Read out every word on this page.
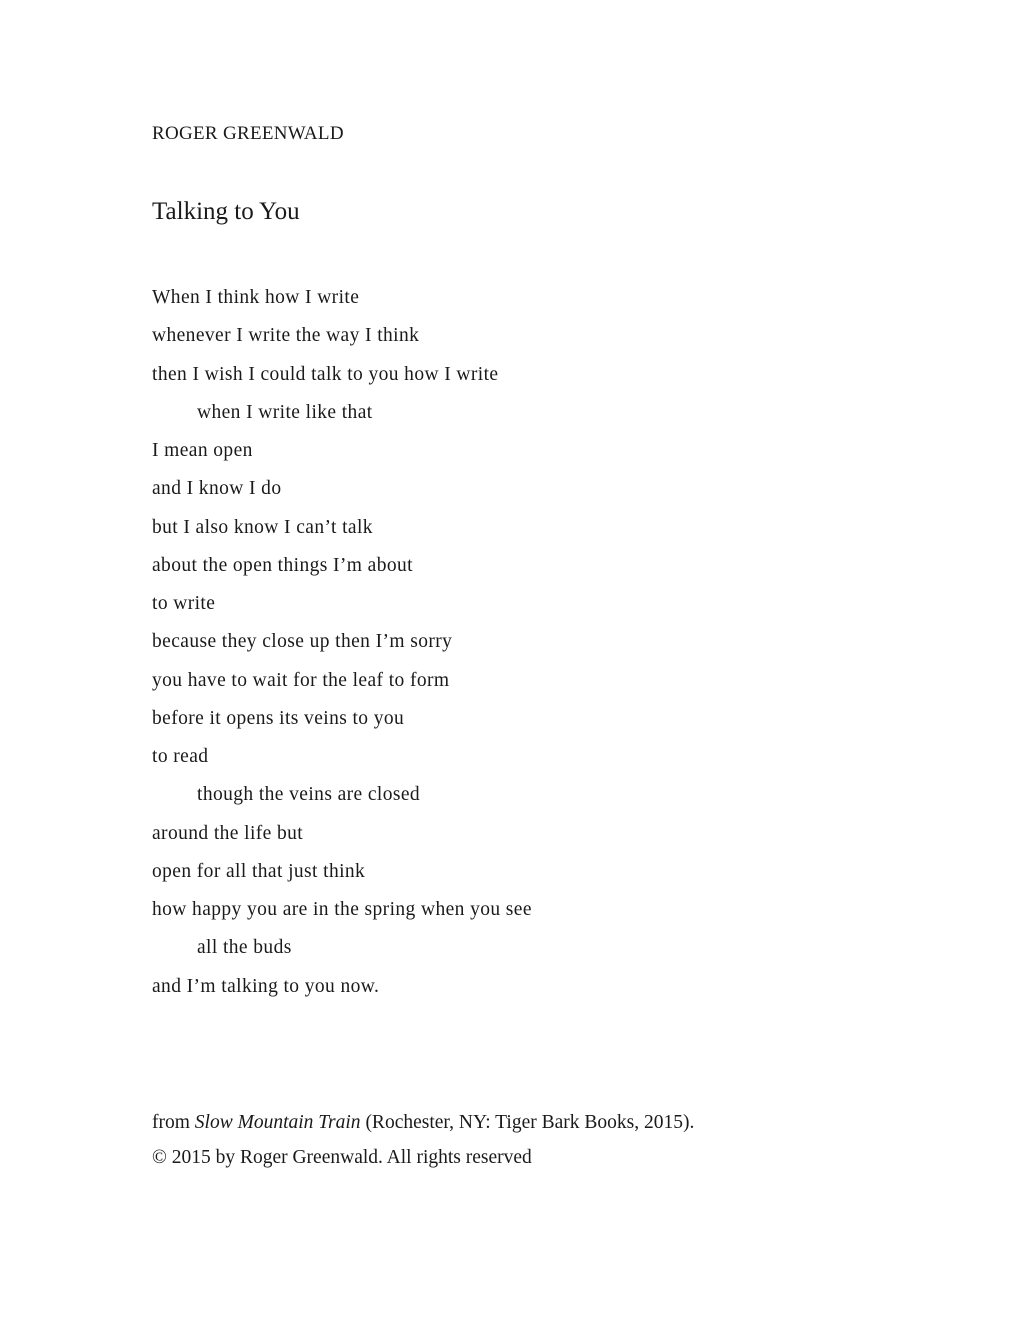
ROGER GREENWALD
Talking to You
When I think how I write
whenever I write the way I think
then I wish I could talk to you how I write
when I write like that
I mean open
and I know I do
but I also know I can’t talk
about the open things I’m about
to write
because they close up then I’m sorry
you have to wait for the leaf to form
before it opens its veins to you
to read
though the veins are closed
around the life but
open for all that just think
how happy you are in the spring when you see
all the buds
and I’m talking to you now.
from Slow Mountain Train (Rochester, NY: Tiger Bark Books, 2015).
© 2015 by Roger Greenwald. All rights reserved
